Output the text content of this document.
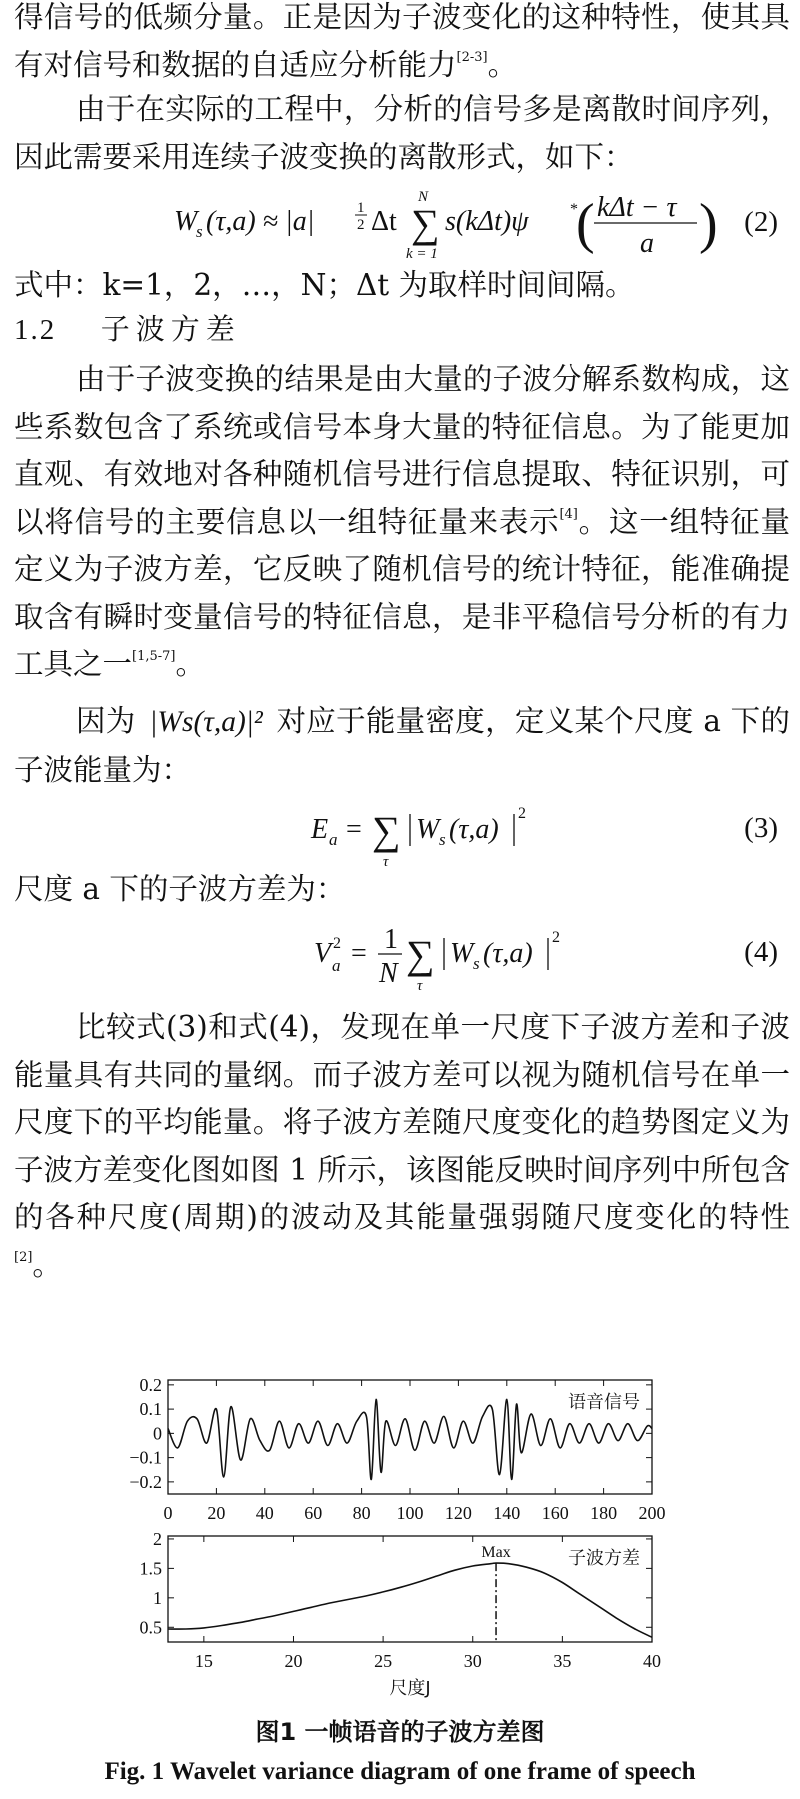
得信号的低频分量。正是因为子波变化的这种特性，使其具有对信号和数据的自适应分析能力[2-3]。

由于在实际的工程中，分析的信号多是离散时间序列，因此需要采用连续子波变换的离散形式，如下：

W
s (τ,a) ≈ |a|	1
2 Δt
N
∑
k = 1
s(kΔt)ψ	*
( kΔt − τ
a ) (2)

式中：k=1，2，…，N；Δt 为取样时间间隔。

1.2 子波方差

由于子波变换的结果是由大量的子波分解系数构成，这些系数包含了系统或信号本身大量的特征信息。为了能更加直观、有效地对各种随机信号进行信息提取、特征识别，可以将信号的主要信息以一组特征量来表示[4]。这一组特征量定义为子波方差，它反映了随机信号的统计特征，能准确提取含有瞬时变量信号的特征信息，是非平稳信号分析的有力工具之一[1,5-7]。

因为 |Ws(τ,a)|² 对应于能量密度，定义某个尺度 a 下的子波能量为：

E a = ∑
τ
W s (τ,a)
2	(3)

尺度 a 下的子波方差为：

V a
2 = 1
N ∑
τ
W s (τ,a)
2	(4)

比较式(3)和式(4)，发现在单一尺度下子波方差和子波能量具有共同的量纲。而子波方差可以视为随机信号在单一尺度下的平均能量。将子波方差随尺度变化的趋势图定义为子波方差变化图如图 1 所示，该图能反映时间序列中所包含的各种尺度(周期)的波动及其能量强弱随尺度变化的特性[2]。

0 20 40 60 80 100 120 140 160 180 200
0.2
0.1
0
−0.1
−0.2
语音信号
15	20	25	30	35	40
2
1.5
1
0.5
子波方差
Max
尺度J
图1 一帧语音的子波方差图
Fig. 1 Wavelet variance diagram of one frame of speech
